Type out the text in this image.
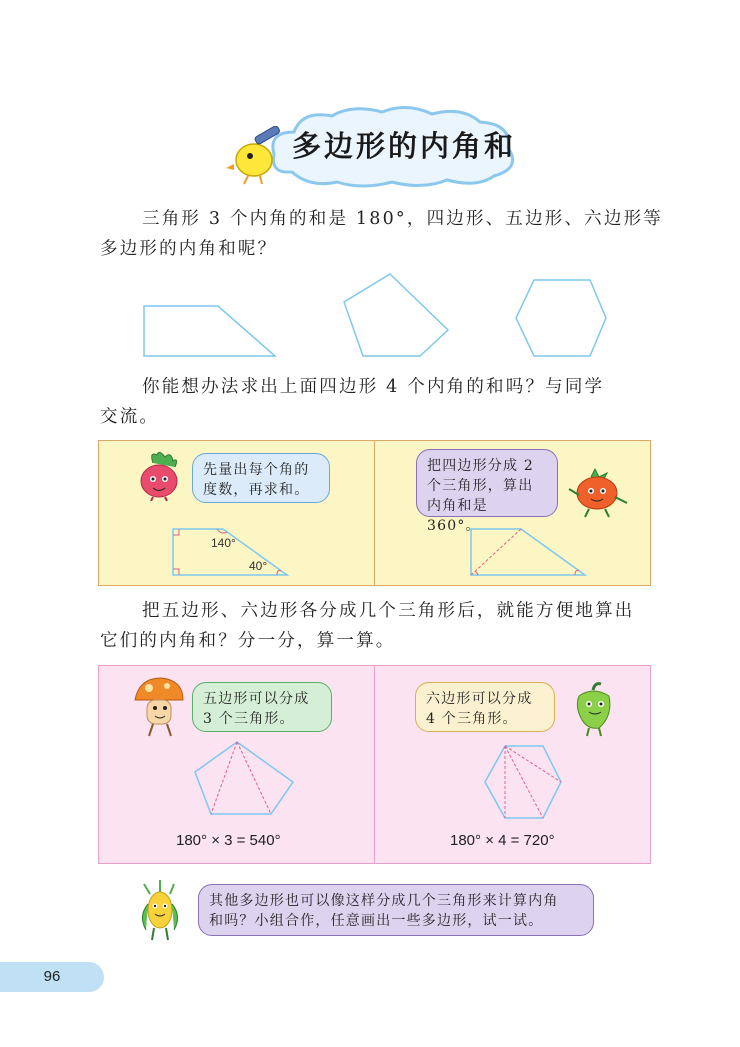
多边形的内角和
三角形 3 个内角的和是 180°，四边形、五边形、六边形等
多边形的内角和呢？
你能想办法求出上面四边形 4 个内角的和吗？与同学
交流。
先量出每个角的
度数，再求和。
140°
40°
把四边形分成 2
个三角形，算出
内角和是 360°。
把五边形、六边形各分成几个三角形后，就能方便地算出
它们的内角和？分一分，算一算。
五边形可以分成
3 个三角形。
180° × 3 = 540°
六边形可以分成
4 个三角形。
180° × 4 = 720°
其他多边形也可以像这样分成几个三角形来计算内角
和吗？小组合作，任意画出一些多边形，试一试。
96
